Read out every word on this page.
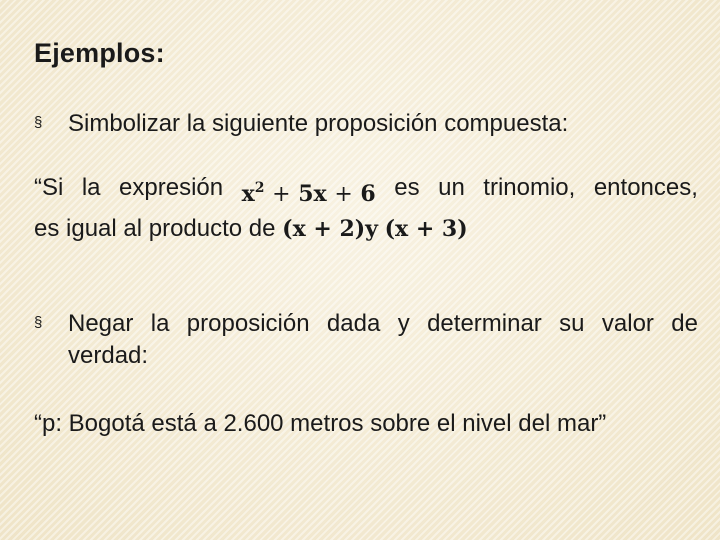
Ejemplos:
§	Simbolizar la siguiente proposición compuesta:
“Si la expresión $x^2 + 5x + 6$ es un trinomio, entonces,
es igual al producto de (x + 2)y (x + 3)
§	Negar la proposición dada y determinar su valor de verdad:
“p: Bogotá está a 2.600 metros sobre el nivel del mar”
